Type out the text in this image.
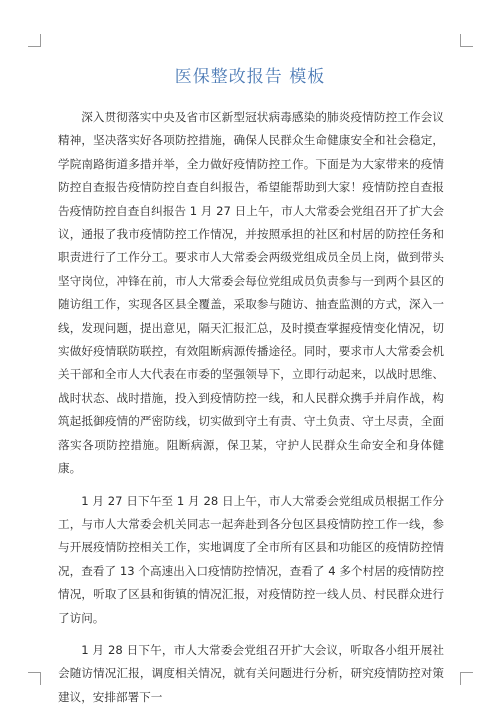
医保整改报告 模板

深入贯彻落实中央及省市区新型冠状病毒感染的肺炎疫情防控工作会议精神，坚决落实好各项防控措施，确保人民群众生命健康安全和社会稳定，学院南路街道多措并举，全力做好疫情防控工作。下面是为大家带来的疫情防控自查报告疫情防控自查自纠报告，希望能帮助到大家！疫情防控自查报告疫情防控自查自纠报告 1 月 27 日上午，市人大常委会党组召开了扩大会议，通报了我市疫情防控工作情况，并按照承担的社区和村居的防控任务和职责进行了工作分工。要求市人大常委会两级党组成员全员上岗，做到带头坚守岗位，冲锋在前，市人大常委会每位党组成员负责参与一到两个县区的随访组工作，实现各区县全覆盖，采取参与随访、抽查监测的方式，深入一线，发现问题，提出意见，隔天汇报汇总，及时摸查掌握疫情变化情况，切实做好疫情联防联控，有效阻断病源传播途径。同时，要求市人大常委会机关干部和全市人大代表在市委的坚强领导下，立即行动起来，以战时思维、战时状态、战时措施，投入到疫情防控一线，和人民群众携手并肩作战，构筑起抵御疫情的严密防线，切实做到守土有责、守土负责、守土尽责，全面落实各项防控措施。阻断病源，保卫某，守护人民群众生命安全和身体健康。

1 月 27 日下午至 1 月 28 日上午，市人大常委会党组成员根据工作分工，与市人大常委会机关同志一起奔赴到各分包区县疫情防控工作一线，参与开展疫情防控相关工作，实地调度了全市所有区县和功能区的疫情防控情况，查看了 13 个高速出入口疫情防控情况，查看了 4 多个村居的疫情防控情况，听取了区县和街镇的情况汇报，对疫情防控一线人员、村民群众进行了访问。

1 月 28 日下午，市人大常委会党组召开扩大会议，听取各小组开展社会随访情况汇报，调度相关情况，就有关问题进行分析，研究疫情防控对策建议，安排部署下一
